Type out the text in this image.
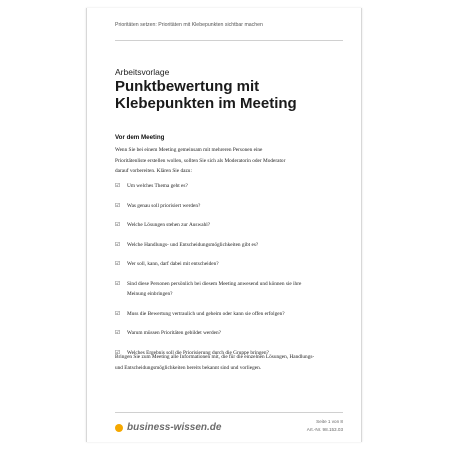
Prioritäten setzen: Prioritäten mit Klebepunkten sichtbar machen
Arbeitsvorlage
Punktbewertung mit Klebepunkten im Meeting
Vor dem Meeting
Wenn Sie bei einem Meeting gemeinsam mit mehreren Personen eine Prioritätenliste erstellen wollen, sollten Sie sich als Moderatorin oder Moderator darauf vorbereiten. Klären Sie dazu:
☑	Um welches Thema geht es?
☑	Was genau soll priorisiert werden?
☑	Welche Lösungen stehen zur Auswahl?
☑	Welche Handlungs- und Entscheidungsmöglichkeiten gibt es?
☑	Wer soll, kann, darf dabei mit entscheiden?
☑	Sind diese Personen persönlich bei diesem Meeting anwesend und können sie ihre Meinung einbringen?
☑	Muss die Bewertung vertraulich und geheim oder kann sie offen erfolgen?
☑	Warum müssen Prioritäten gebildet werden?
☑	Welches Ergebnis soll die Priorisierung durch die Gruppe bringen?
Bringen Sie zum Meeting alle Informationen mit, die für die einzelnen Lösungen, Handlungs- und Entscheidungsmöglichkeiten bereits bekannt sind und vorliegen.
business-wissen.de
Seite 1 von 8
Art.-Nr. 98.153.03
